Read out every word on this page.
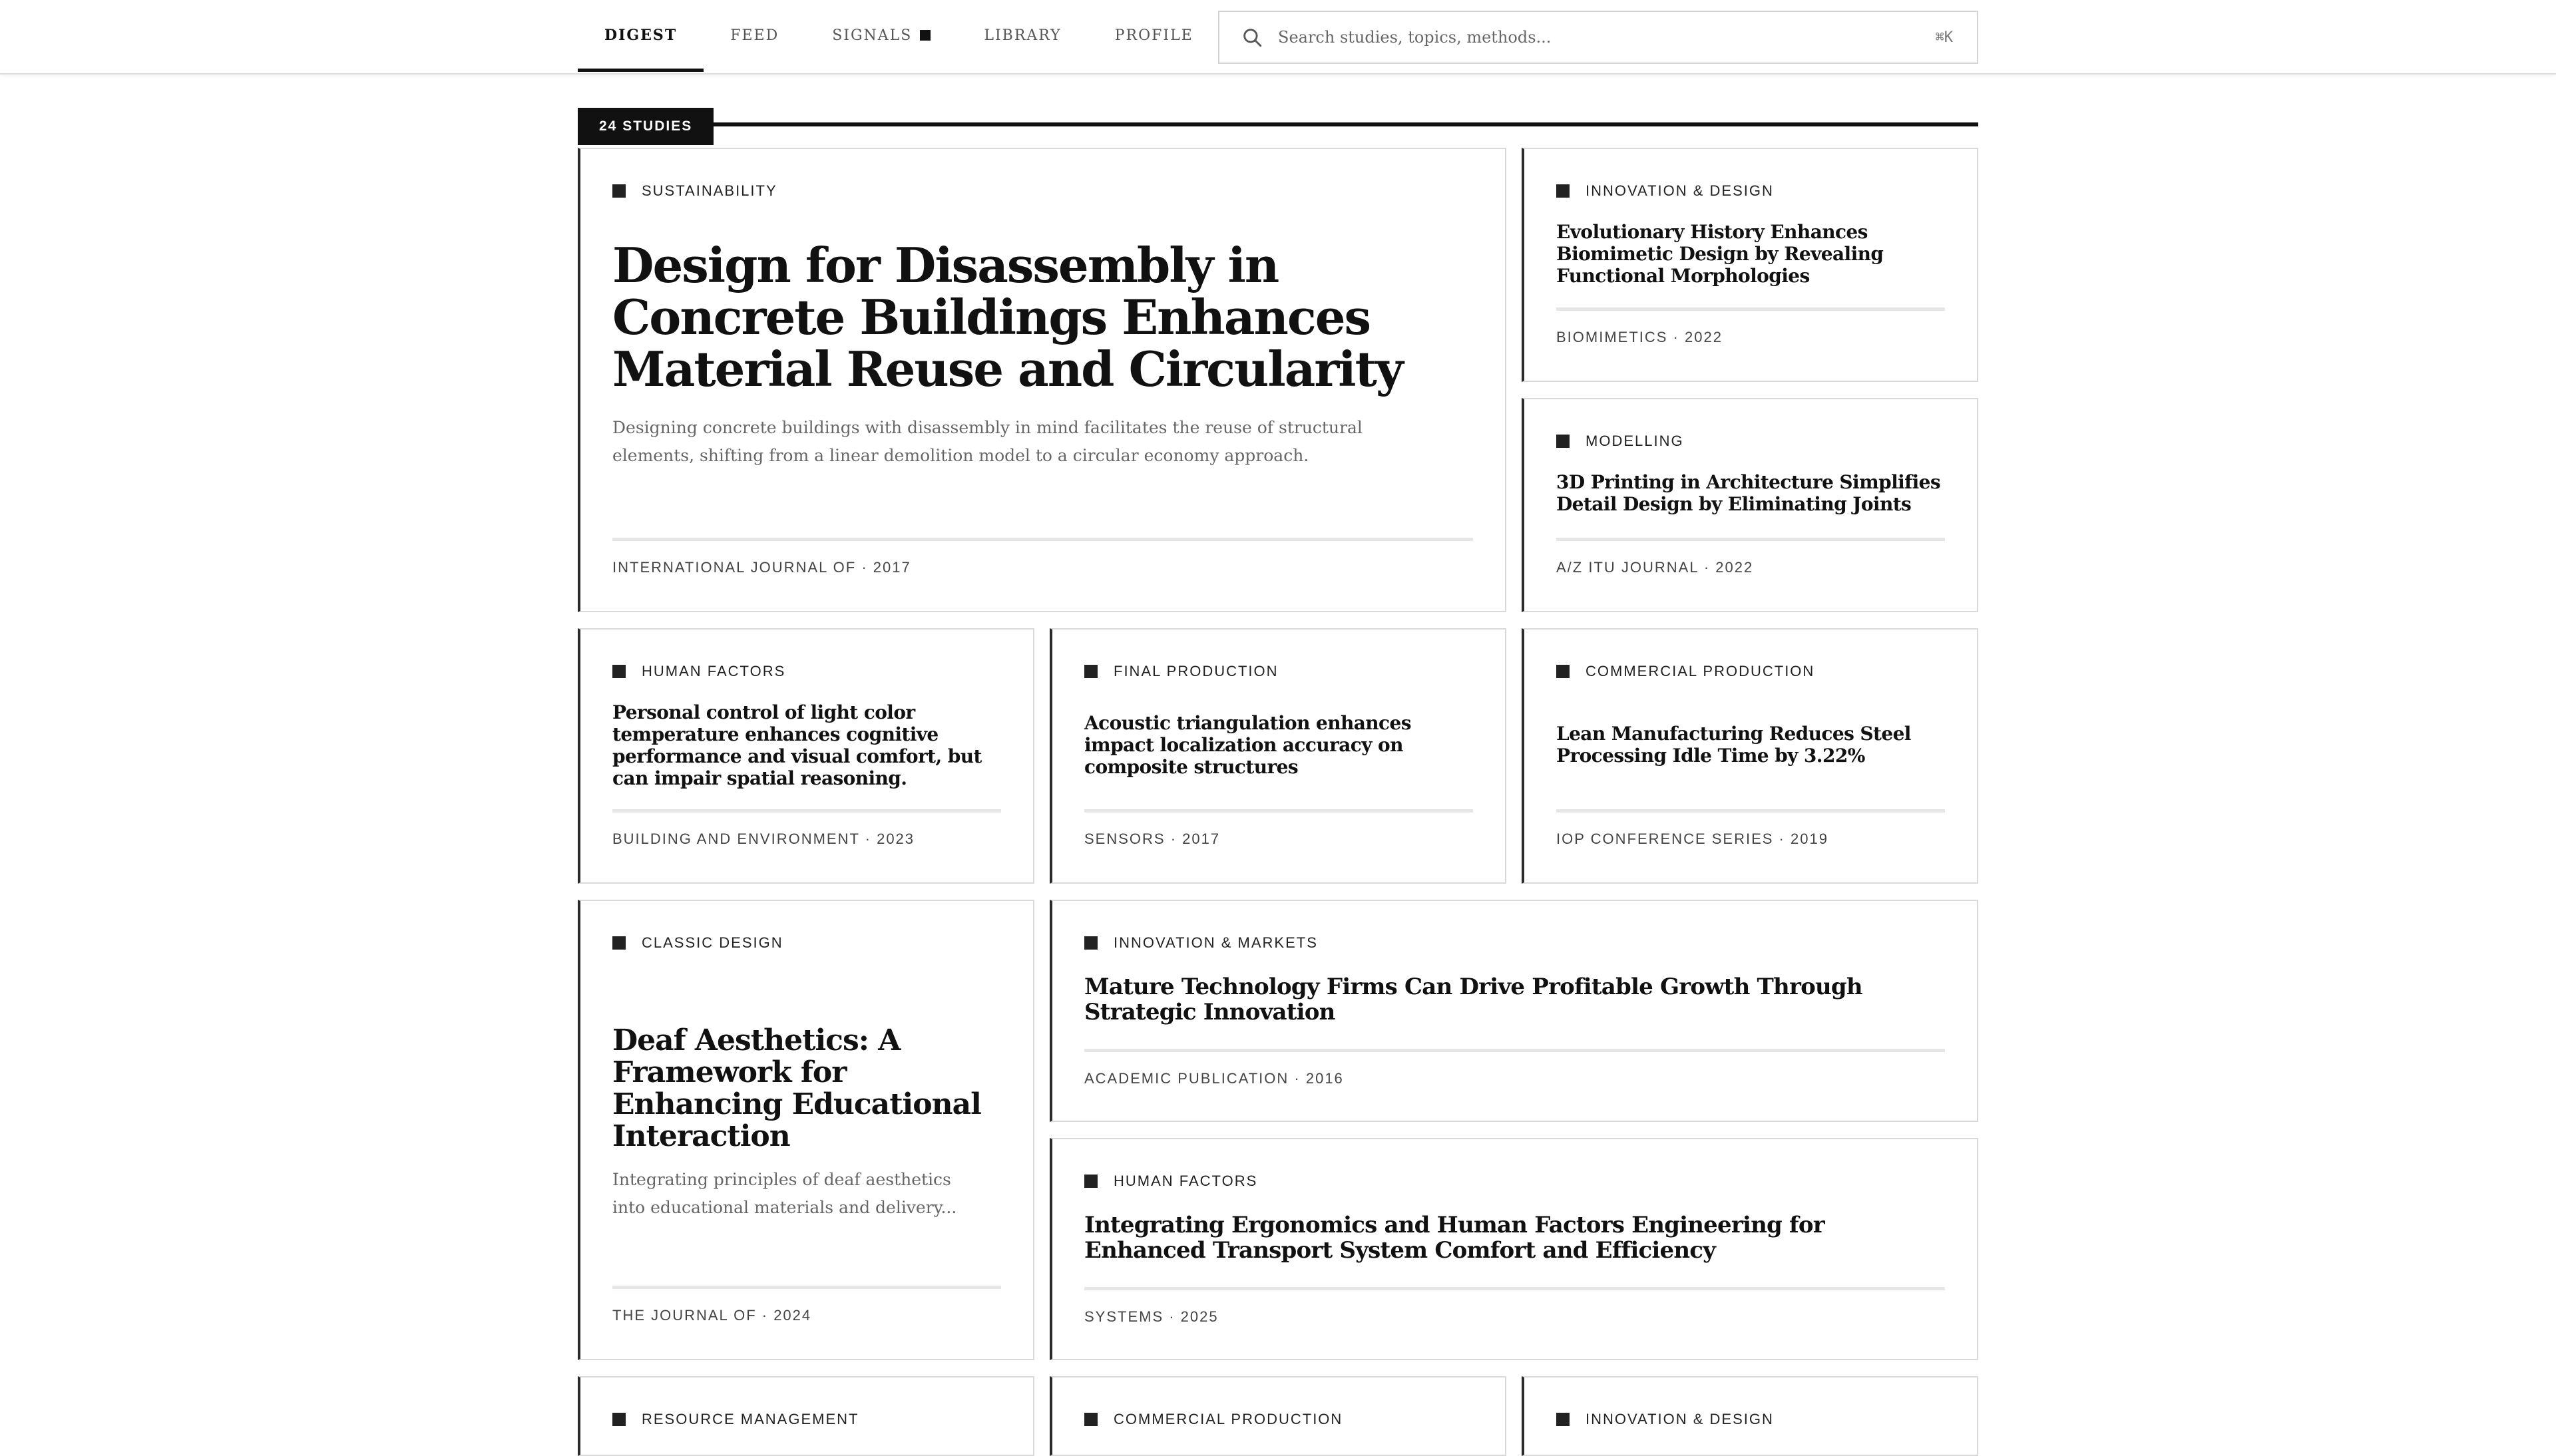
DIGEST	FEED	SIGNALS	LIBRARY	PROFILE
Search studies, topics, methods...	⌘K
24 STUDIES
SUSTAINABILITY
Design for Disassembly in Concrete Buildings Enhances Material Reuse and Circularity
Designing concrete buildings with disassembly in mind facilitates the reuse of structural elements, shifting from a linear demolition model to a circular economy approach.
INTERNATIONAL JOURNAL OF · 2017
INNOVATION & DESIGN
Evolutionary History Enhances Biomimetic Design by Revealing Functional Morphologies
BIOMIMETICS · 2022
MODELLING
3D Printing in Architecture Simplifies Detail Design by Eliminating Joints
A/Z ITU JOURNAL · 2022
HUMAN FACTORS
Personal control of light color temperature enhances cognitive performance and visual comfort, but can impair spatial reasoning.
BUILDING AND ENVIRONMENT · 2023
FINAL PRODUCTION
Acoustic triangulation enhances impact localization accuracy on composite structures
SENSORS · 2017
COMMERCIAL PRODUCTION
Lean Manufacturing Reduces Steel Processing Idle Time by 3.22%
IOP CONFERENCE SERIES · 2019
CLASSIC DESIGN
Deaf Aesthetics: A Framework for Enhancing Educational Interaction
Integrating principles of deaf aesthetics into educational materials and delivery...
THE JOURNAL OF · 2024
INNOVATION & MARKETS
Mature Technology Firms Can Drive Profitable Growth Through Strategic Innovation
ACADEMIC PUBLICATION · 2016
HUMAN FACTORS
Integrating Ergonomics and Human Factors Engineering for Enhanced Transport System Comfort and Efficiency
SYSTEMS · 2025
RESOURCE MANAGEMENT	COMMERCIAL PRODUCTION	INNOVATION & DESIGN
